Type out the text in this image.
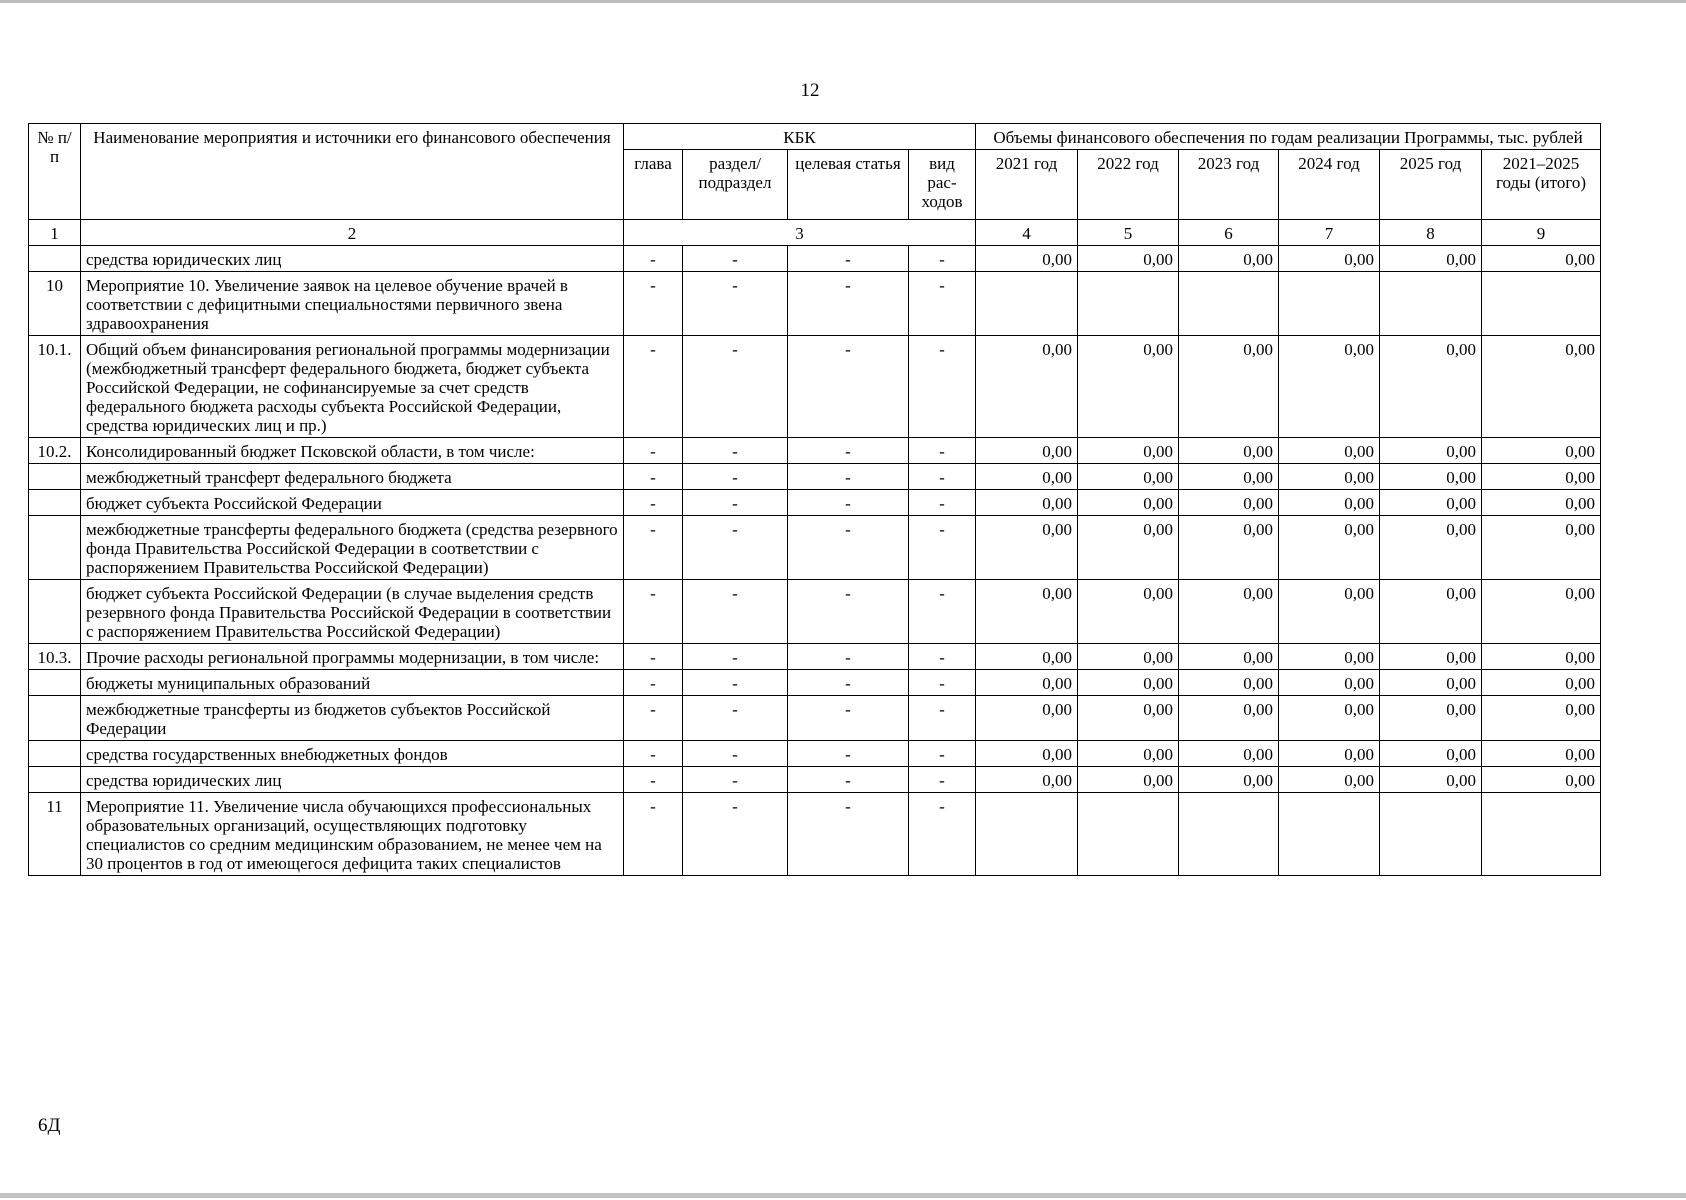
12
№ п/п	Наименование мероприятия и источники его финансового обеспечения	КБК				Объемы финансового обеспечения по годам реализации Программы, тыс. рублей					
		глава	раздел/ подраздел	целевая статья	вид рас- ходов	2021 год	2022 год	2023 год	2024 год	2025 год	2021–2025 годы (итого)
1	2	3				4	5	6	7	8	9
	средства юридических лиц	-	-	-	-	0,00	0,00	0,00	0,00	0,00	0,00
10	Мероприятие 10. Увеличение заявок на целевое обучение врачей в соответствии с дефицитными специальностями первичного звена здравоохранения	-	-	-	-						
10.1.	Общий объем финансирования региональной программы модернизации (межбюджетный трансферт федерального бюджета, бюджет субъекта Российской Федерации, не софинансируемые за счет средств федерального бюджета расходы субъекта Российской Федерации, средства юридических лиц и пр.)	-	-	-	-	0,00	0,00	0,00	0,00	0,00	0,00
10.2.	Консолидированный бюджет Псковской области, в том числе:	-	-	-	-	0,00	0,00	0,00	0,00	0,00	0,00
	межбюджетный трансферт федерального бюджета	-	-	-	-	0,00	0,00	0,00	0,00	0,00	0,00
	бюджет субъекта Российской Федерации	-	-	-	-	0,00	0,00	0,00	0,00	0,00	0,00
	межбюджетные трансферты федерального бюджета (средства резервного фонда Правительства Российской Федерации в соответствии с распоряжением Правительства Российской Федерации)	-	-	-	-	0,00	0,00	0,00	0,00	0,00	0,00
	бюджет субъекта Российской Федерации (в случае выделения средств резервного фонда Правительства Российской Федерации в соответствии с распоряжением Правительства Российской Федерации)	-	-	-	-	0,00	0,00	0,00	0,00	0,00	0,00
10.3.	Прочие расходы региональной программы модернизации, в том числе:	-	-	-	-	0,00	0,00	0,00	0,00	0,00	0,00
	бюджеты муниципальных образований	-	-	-	-	0,00	0,00	0,00	0,00	0,00	0,00
	межбюджетные трансферты из бюджетов субъектов Российской Федерации	-	-	-	-	0,00	0,00	0,00	0,00	0,00	0,00
	средства государственных внебюджетных фондов	-	-	-	-	0,00	0,00	0,00	0,00	0,00	0,00
	средства юридических лиц	-	-	-	-	0,00	0,00	0,00	0,00	0,00	0,00
11	Мероприятие 11. Увеличение числа обучающихся профессиональных образовательных организаций, осуществляющих подготовку специалистов со средним медицинским образованием, не менее чем на 30 процентов в год от имеющегося дефицита таких специалистов	-	-	-	-						
6Д
